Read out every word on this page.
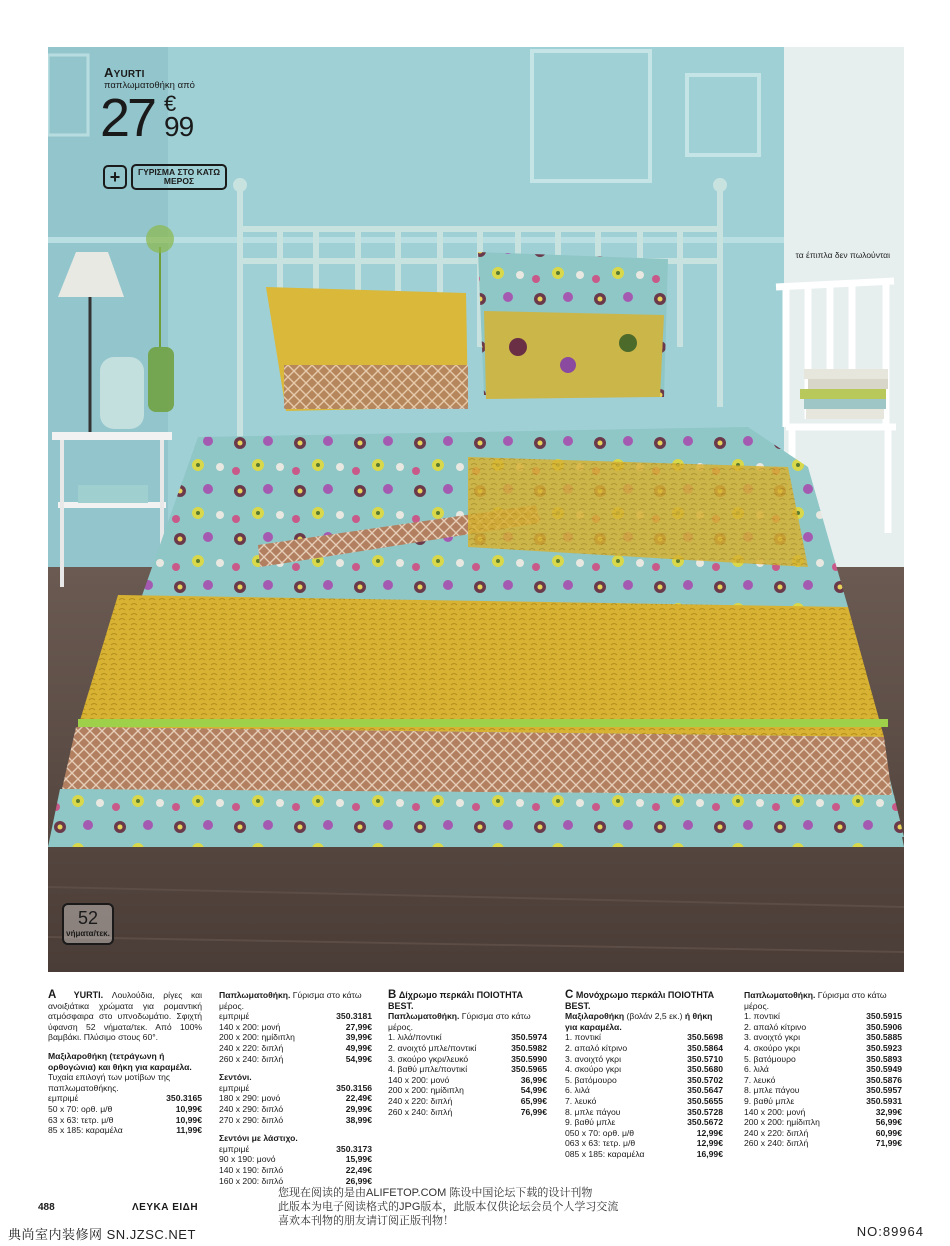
AYURTI
παπλωματοθήκη από
27 €
99
+	ΓΥΡΙΣΜΑ ΣΤΟ ΚΑΤΩ ΜΕΡΟΣ
τα έπιπλα δεν πωλούνται
52
νήματα/τεκ.

A YURTI. Λουλούδια, ρίγες και ανοιξιάτικα χρώματα για ρομαντική ατμόσφαιρα στο υπνοδωμάτιο. Σφιχτή ύφανση 52 νήματα/τεκ. Από 100% βαμβάκι. Πλύσιμο στους 60°.

Μαξιλαροθήκη (τετράγωνη ή ορθογώνια) και θήκη για καραμέλα. Τυχαία επιλογή των μοτίβων της παπλωματοθήκης.

εμπριμέ	350.3165
50 x 70: ορθ. μ/θ	10,99€
63 x 63: τετρ. μ/θ	10,99€
85 x 185: καραμέλα	11,99€

Παπλωματοθήκη. Γύρισμα στο κάτω μέρος.

εμπριμέ	350.3181
140 x 200: μονή	27,99€
200 x 200: ημίδιπλη	39,99€
240 x 220: διπλή	49,99€
260 x 240: διπλή	54,99€

Σεντόνι.

εμπριμέ	350.3156
180 x 290: μονό	22,49€
240 x 290: διπλό	29,99€
270 x 290: διπλό	38,99€

Σεντόνι με λάστιχο.

εμπριμέ	350.3173
90 x 190: μονό	15,99€
140 x 190: διπλό	22,49€
160 x 200: διπλό	26,99€

B Δίχρωμο περκάλι ΠΟΙΟΤΗΤΑ BEST.

Παπλωματοθήκη. Γύρισμα στο κάτω μέρος.

1. λιλά/ποντικί	350.5974
2. ανοιχτό μπλε/ποντικί	350.5982
3. σκούρο γκρι/λευκό	350.5990
4. βαθύ μπλε/ποντικί	350.5965
140 x 200: μονό	36,99€
200 x 200: ημίδιπλη	54,99€
240 x 220: διπλή	65,99€
260 x 240: διπλή	76,99€

C Μονόχρωμο περκάλι ΠΟΙΟΤΗΤΑ BEST.

Μαξιλαροθήκη (βολάν 2,5 εκ.) ή θήκη για καραμέλα.

1. ποντικί	350.5698
2. απαλό κίτρινο	350.5864
3. ανοιχτό γκρι	350.5710
4. σκούρο γκρι	350.5680
5. βατόμουρο	350.5702
6. λιλά	350.5647
7. λευκό	350.5655
8. μπλε πάγου	350.5728
9. βαθύ μπλε	350.5672
050 x 70: ορθ. μ/θ	12,99€
063 x 63: τετρ. μ/θ	12,99€
085 x 185: καραμέλα	16,99€

Παπλωματοθήκη. Γύρισμα στο κάτω μέρος.

1. ποντικί	350.5915
2. απαλό κίτρινο	350.5906
3. ανοιχτό γκρι	350.5885
4. σκούρο γκρι	350.5923
5. βατόμουρο	350.5893
6. λιλά	350.5949
7. λευκό	350.5876
8. μπλε πάγου	350.5957
9. βαθύ μπλε	350.5931
140 x 200: μονή	32,99€
200 x 200: ημίδιπλη	56,99€
240 x 220: διπλή	60,99€
260 x 240: διπλή	71,99€
488	ΛΕΥΚΑ ΕΙΔΗ
您现在阅读的是由ALIFETOP.COM 陈设中国论坛下载的设计刊物
此版本为电子阅读格式的JPG版本，此版本仅供论坛会员个人学习交流
喜欢本刊物的朋友请订阅正版刊物！
典尚室内装修网 SN.JZSC.NET	NO:89964
